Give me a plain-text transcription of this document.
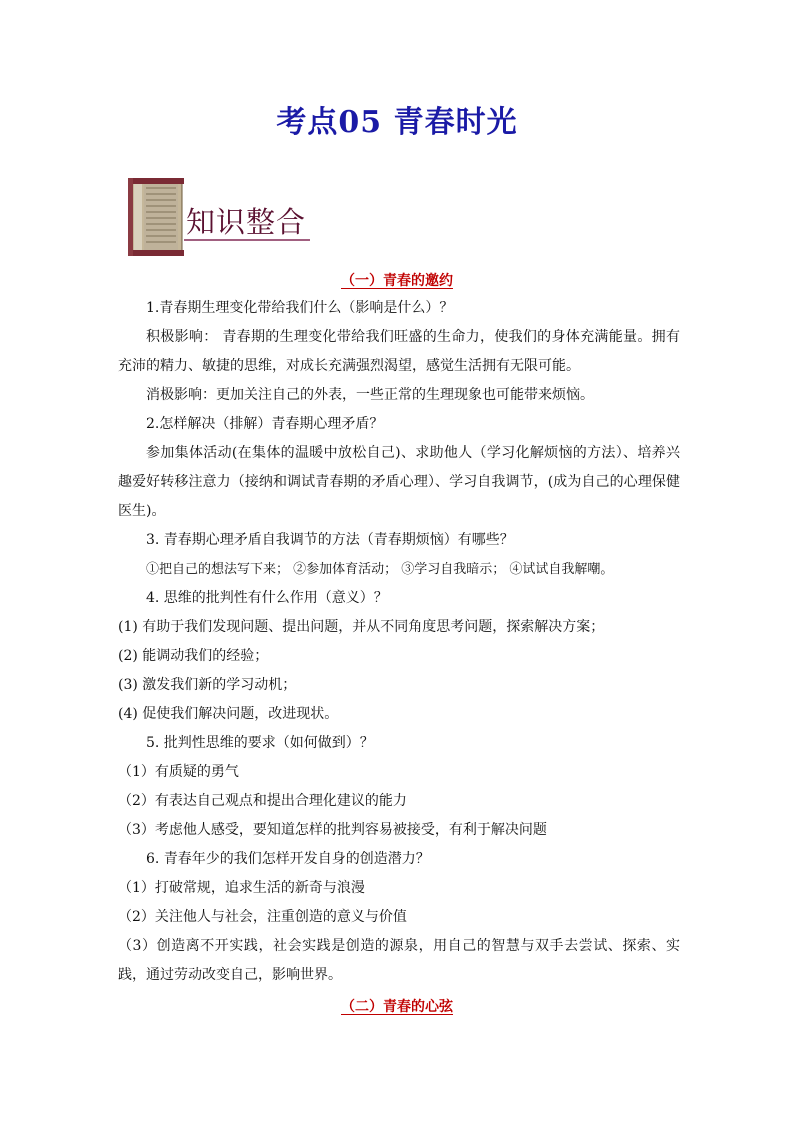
考点05 青春时光
知识整合
（一）青春的邀约
1.青春期生理变化带给我们什么（影响是什么）？
积极影响： 青春期的生理变化带给我们旺盛的生命力，使我们的身体充满能量。拥有充沛的精力、敏捷的思维，对成长充满强烈渴望，感觉生活拥有无限可能。
消极影响：更加关注自己的外表，一些正常的生理现象也可能带来烦恼。
2.怎样解决（排解）青春期心理矛盾？
参加集体活动(在集体的温暖中放松自己)、求助他人（学习化解烦恼的方法）、培养兴趣爱好转移注意力（接纳和调试青春期的矛盾心理）、学习自我调节，(成为自己的心理保健医生)。
3. 青春期心理矛盾自我调节的方法（青春期烦恼）有哪些？
①把自己的想法写下来； ②参加体育活动； ③学习自我暗示； ④试试自我解嘲。
4. 思维的批判性有什么作用（意义）？
(1) 有助于我们发现问题、提出问题，并从不同角度思考问题，探索解决方案；
(2) 能调动我们的经验；
(3) 激发我们新的学习动机；
(4) 促使我们解决问题，改进现状。
5. 批判性思维的要求（如何做到）？
（1）有质疑的勇气
（2）有表达自己观点和提出合理化建议的能力
（3）考虑他人感受，要知道怎样的批判容易被接受，有利于解决问题
6. 青春年少的我们怎样开发自身的创造潜力？
（1）打破常规，追求生活的新奇与浪漫
（2）关注他人与社会，注重创造的意义与价值
（3）创造离不开实践，社会实践是创造的源泉，用自己的智慧与双手去尝试、探索、实践，通过劳动改变自己，影响世界。
（二）青春的心弦
